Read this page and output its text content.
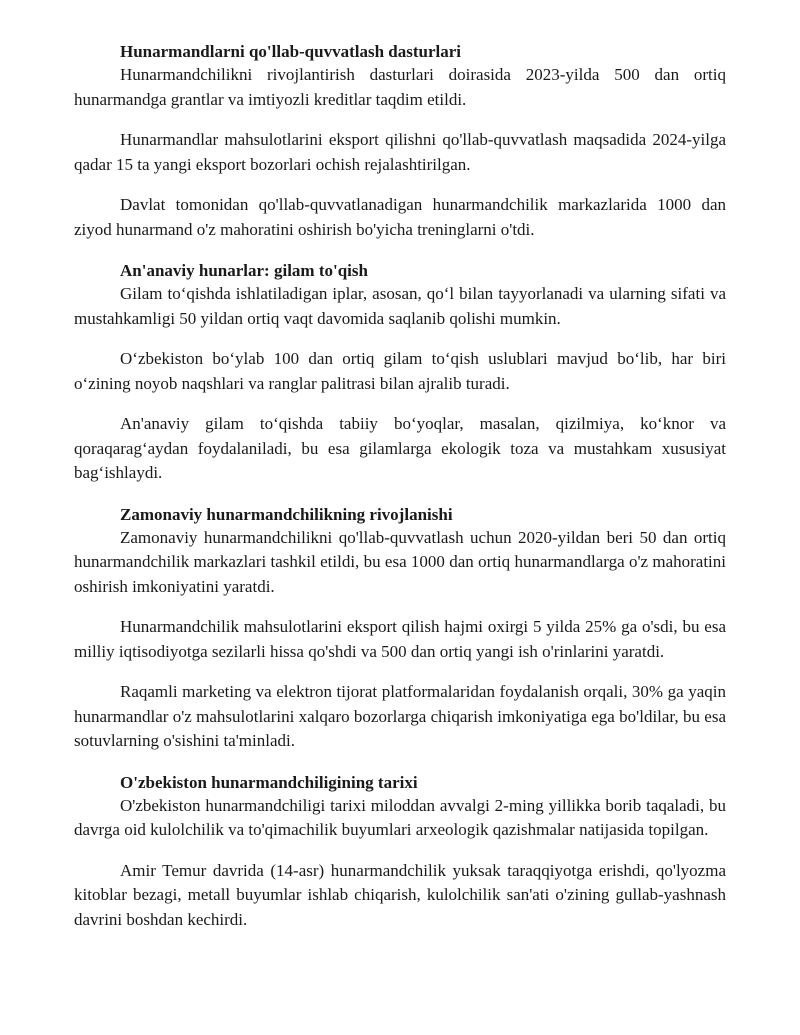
Hunarmandlarni qo'llab-quvvatlash dasturlari

Hunarmandchilikni rivojlantirish dasturlari doirasida 2023-yilda 500 dan ortiq hunarmandga grantlar va imtiyozli kreditlar taqdim etildi.

Hunarmandlar mahsulotlarini eksport qilishni qo'llab-quvvatlash maqsadida 2024-yilga qadar 15 ta yangi eksport bozorlari ochish rejalashtirilgan.

Davlat tomonidan qo'llab-quvvatlanadigan hunarmandchilik markazlarida 1000 dan ziyod hunarmand o'z mahoratini oshirish bo'yicha treninglarni o'tdi.

An'anaviy hunarlar: gilam to'qish

Gilam toʻqishda ishlatiladigan iplar, asosan, qoʻl bilan tayyorlanadi va ularning sifati va mustahkamligi 50 yildan ortiq vaqt davomida saqlanib qolishi mumkin.

Oʻzbekiston boʻylab 100 dan ortiq gilam toʻqish uslublari mavjud boʻlib, har biri oʻzining noyob naqshlari va ranglar palitrasi bilan ajralib turadi.

An'anaviy gilam toʻqishda tabiiy boʻyoqlar, masalan, qizilmiya, koʻknor va qoraqaragʻaydan foydalaniladi, bu esa gilamlarga ekologik toza va mustahkam xususiyat bagʻishlaydi.

Zamonaviy hunarmandchilikning rivojlanishi

Zamonaviy hunarmandchilikni qo'llab-quvvatlash uchun 2020-yildan beri 50 dan ortiq hunarmandchilik markazlari tashkil etildi, bu esa 1000 dan ortiq hunarmandlarga o'z mahoratini oshirish imkoniyatini yaratdi.

Hunarmandchilik mahsulotlarini eksport qilish hajmi oxirgi 5 yilda 25% ga o'sdi, bu esa milliy iqtisodiyotga sezilarli hissa qo'shdi va 500 dan ortiq yangi ish o'rinlarini yaratdi.

Raqamli marketing va elektron tijorat platformalaridan foydalanish orqali, 30% ga yaqin hunarmandlar o'z mahsulotlarini xalqaro bozorlarga chiqarish imkoniyatiga ega bo'ldilar, bu esa sotuvlarning o'sishini ta'minladi.

O'zbekiston hunarmandchiligining tarixi

O'zbekiston hunarmandchiligi tarixi miloddan avvalgi 2-ming yillikka borib taqaladi, bu davrga oid kulolchilik va to'qimachilik buyumlari arxeologik qazishmalar natijasida topilgan.

Amir Temur davrida (14-asr) hunarmandchilik yuksak taraqqiyotga erishdi, qo'lyozma kitoblar bezagi, metall buyumlar ishlab chiqarish, kulolchilik san'ati o'zining gullab-yashnash davrini boshdan kechirdi.
